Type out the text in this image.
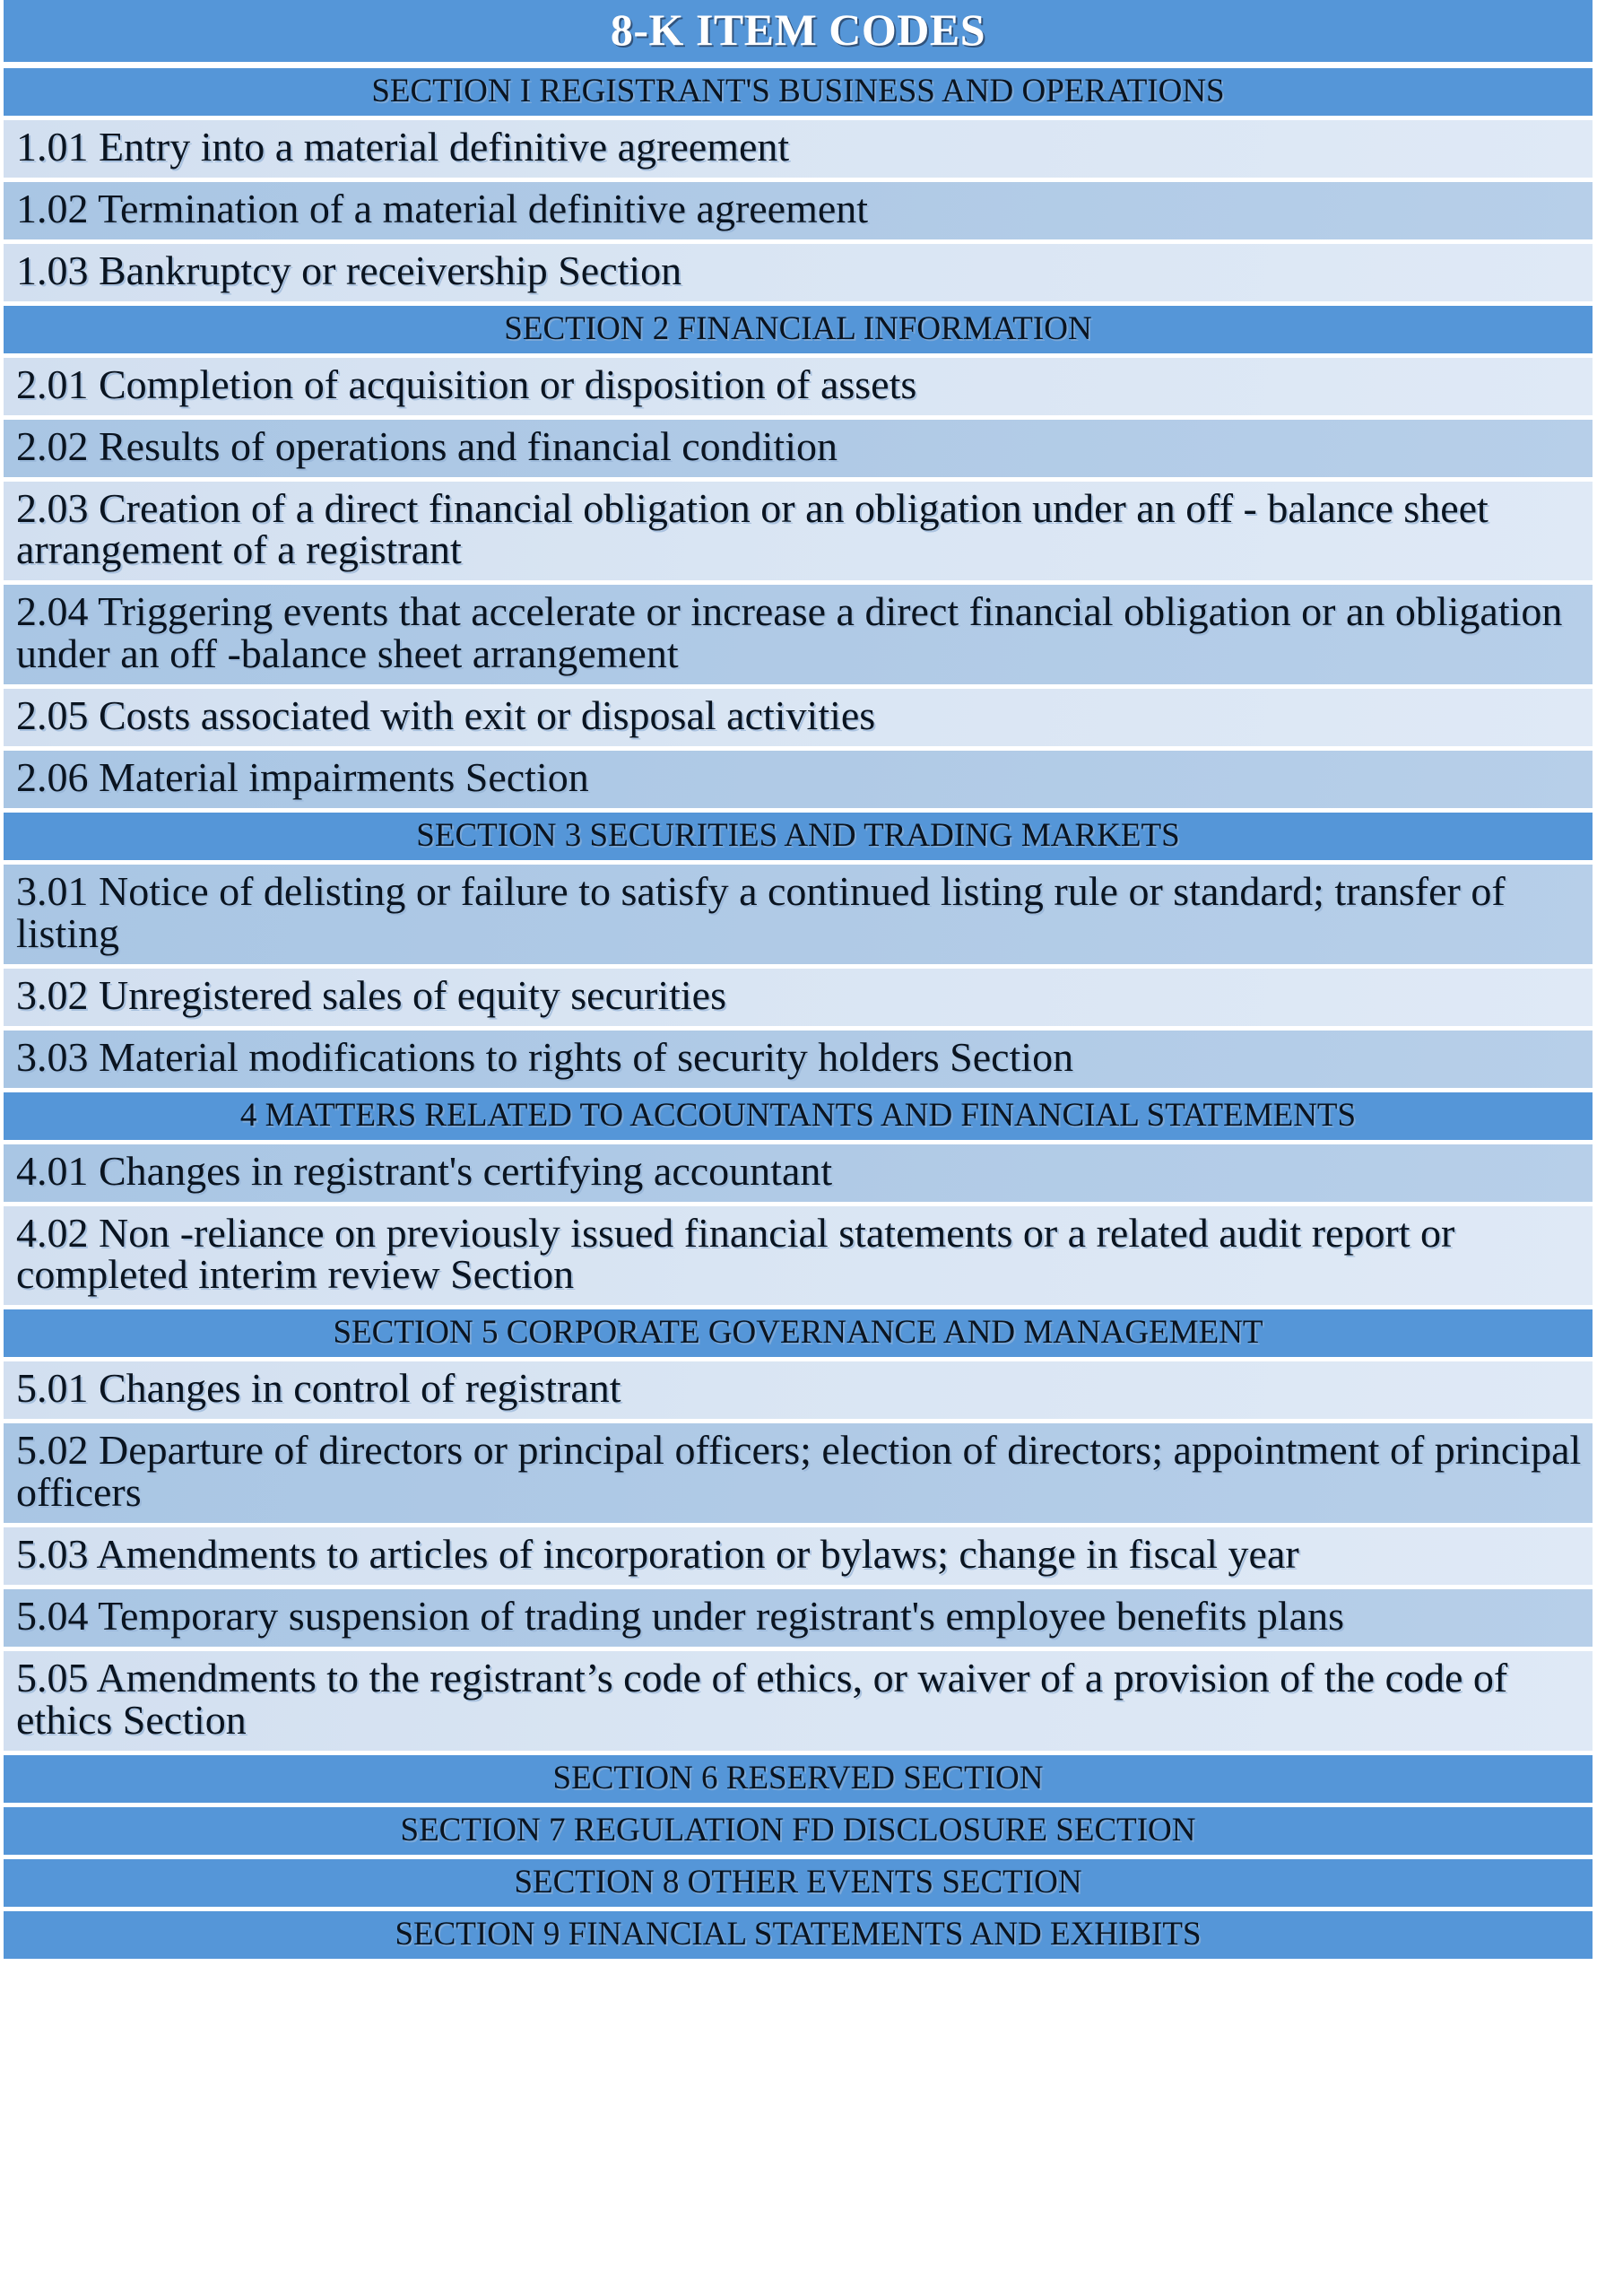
8-K ITEM CODES
SECTION I REGISTRANT'S BUSINESS AND OPERATIONS
1.01 Entry into a material definitive agreement
1.02 Termination of a material definitive agreement
1.03 Bankruptcy or receivership Section
SECTION 2 FINANCIAL INFORMATION
2.01 Completion of acquisition or disposition of assets
2.02 Results of operations and financial condition
2.03 Creation of a direct financial obligation or an obligation under an off - balance sheet arrangement of a registrant
2.04 Triggering events that accelerate or increase a direct financial obligation or an obligation under an off -balance sheet arrangement
2.05 Costs associated with exit or disposal activities
2.06 Material impairments Section
SECTION 3 SECURITIES AND TRADING MARKETS
3.01 Notice of delisting or failure to satisfy a continued listing rule or standard; transfer of listing
3.02 Unregistered sales of equity securities
3.03 Material modifications to rights of security holders Section
4 MATTERS RELATED TO ACCOUNTANTS AND FINANCIAL STATEMENTS
4.01 Changes in registrant's certifying accountant
4.02 Non -reliance on previously issued financial statements or a related audit report or completed interim review Section
SECTION 5 CORPORATE GOVERNANCE AND MANAGEMENT
5.01 Changes in control of registrant
5.02 Departure of directors or principal officers; election of directors; appointment of principal officers
5.03 Amendments to articles of incorporation or bylaws; change in fiscal year
5.04 Temporary suspension of trading under registrant's employee benefits plans
5.05 Amendments to the registrant’s code of ethics, or waiver of a provision of the code of ethics Section
SECTION 6 RESERVED SECTION
SECTION 7 REGULATION FD DISCLOSURE SECTION
SECTION 8 OTHER EVENTS SECTION
SECTION 9 FINANCIAL STATEMENTS AND EXHIBITS
